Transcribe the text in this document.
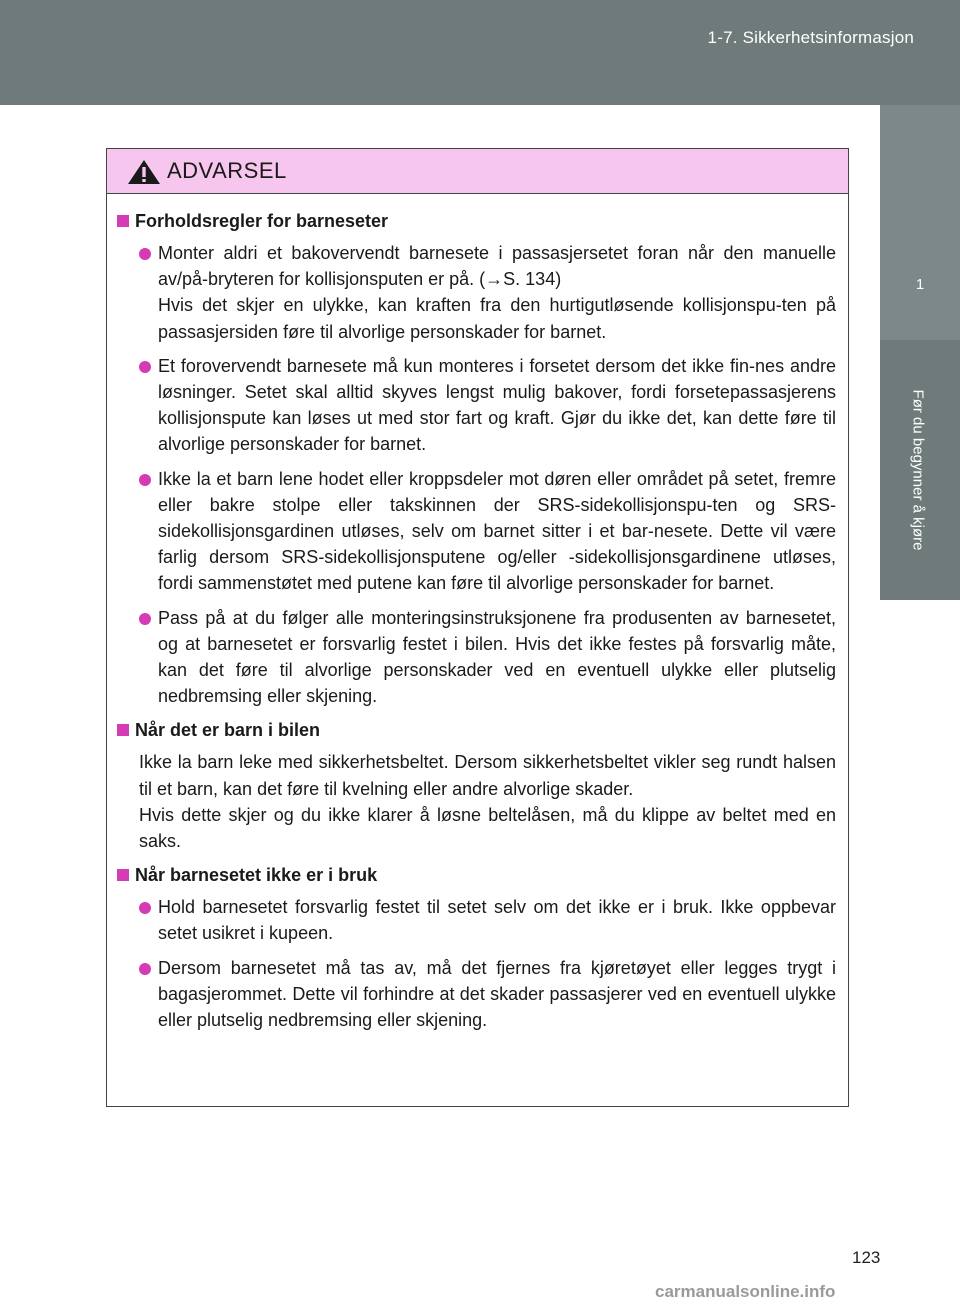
1-7. Sikkerhetsinformasjon
1
Før du begynner å kjøre
ADVARSEL
Forholdsregler for barneseter

Monter aldri et bakovervendt barnesete i passasjersetet foran når den manuelle av/på-bryteren for kollisjonsputen er på. (→S. 134)

Hvis det skjer en ulykke, kan kraften fra den hurtigutløsende kollisjonspu-ten på passasjersiden føre til alvorlige personskader for barnet.

Et forovervendt barnesete må kun monteres i forsetet dersom det ikke fin-nes andre løsninger. Setet skal alltid skyves lengst mulig bakover, fordi forsetepassasjerens kollisjonspute kan løses ut med stor fart og kraft. Gjør du ikke det, kan dette føre til alvorlige personskader for barnet.

Ikke la et barn lene hodet eller kroppsdeler mot døren eller området på setet, fremre eller bakre stolpe eller takskinnen der SRS-sidekollisjonspu-ten og SRS-sidekollisjonsgardinen utløses, selv om barnet sitter i et bar-nesete. Dette vil være farlig dersom SRS-sidekollisjonsputene og/eller -sidekollisjonsgardinene utløses, fordi sammenstøtet med putene kan føre til alvorlige personskader for barnet.

Pass på at du følger alle monteringsinstruksjonene fra produsenten av barnesetet, og at barnesetet er forsvarlig festet i bilen. Hvis det ikke festes på forsvarlig måte, kan det føre til alvorlige personskader ved en eventuell ulykke eller plutselig nedbremsing eller skjening.

Når det er barn i bilen

Ikke la barn leke med sikkerhetsbeltet. Dersom sikkerhetsbeltet vikler seg rundt halsen til et barn, kan det føre til kvelning eller andre alvorlige skader.

Hvis dette skjer og du ikke klarer å løsne beltelåsen, må du klippe av beltet med en saks.

Når barnesetet ikke er i bruk

Hold barnesetet forsvarlig festet til setet selv om det ikke er i bruk. Ikke oppbevar setet usikret i kupeen.

Dersom barnesetet må tas av, må det fjernes fra kjøretøyet eller legges trygt i bagasjerommet. Dette vil forhindre at det skader passasjerer ved en eventuell ulykke eller plutselig nedbremsing eller skjening.

123
carmanualsonline.info
